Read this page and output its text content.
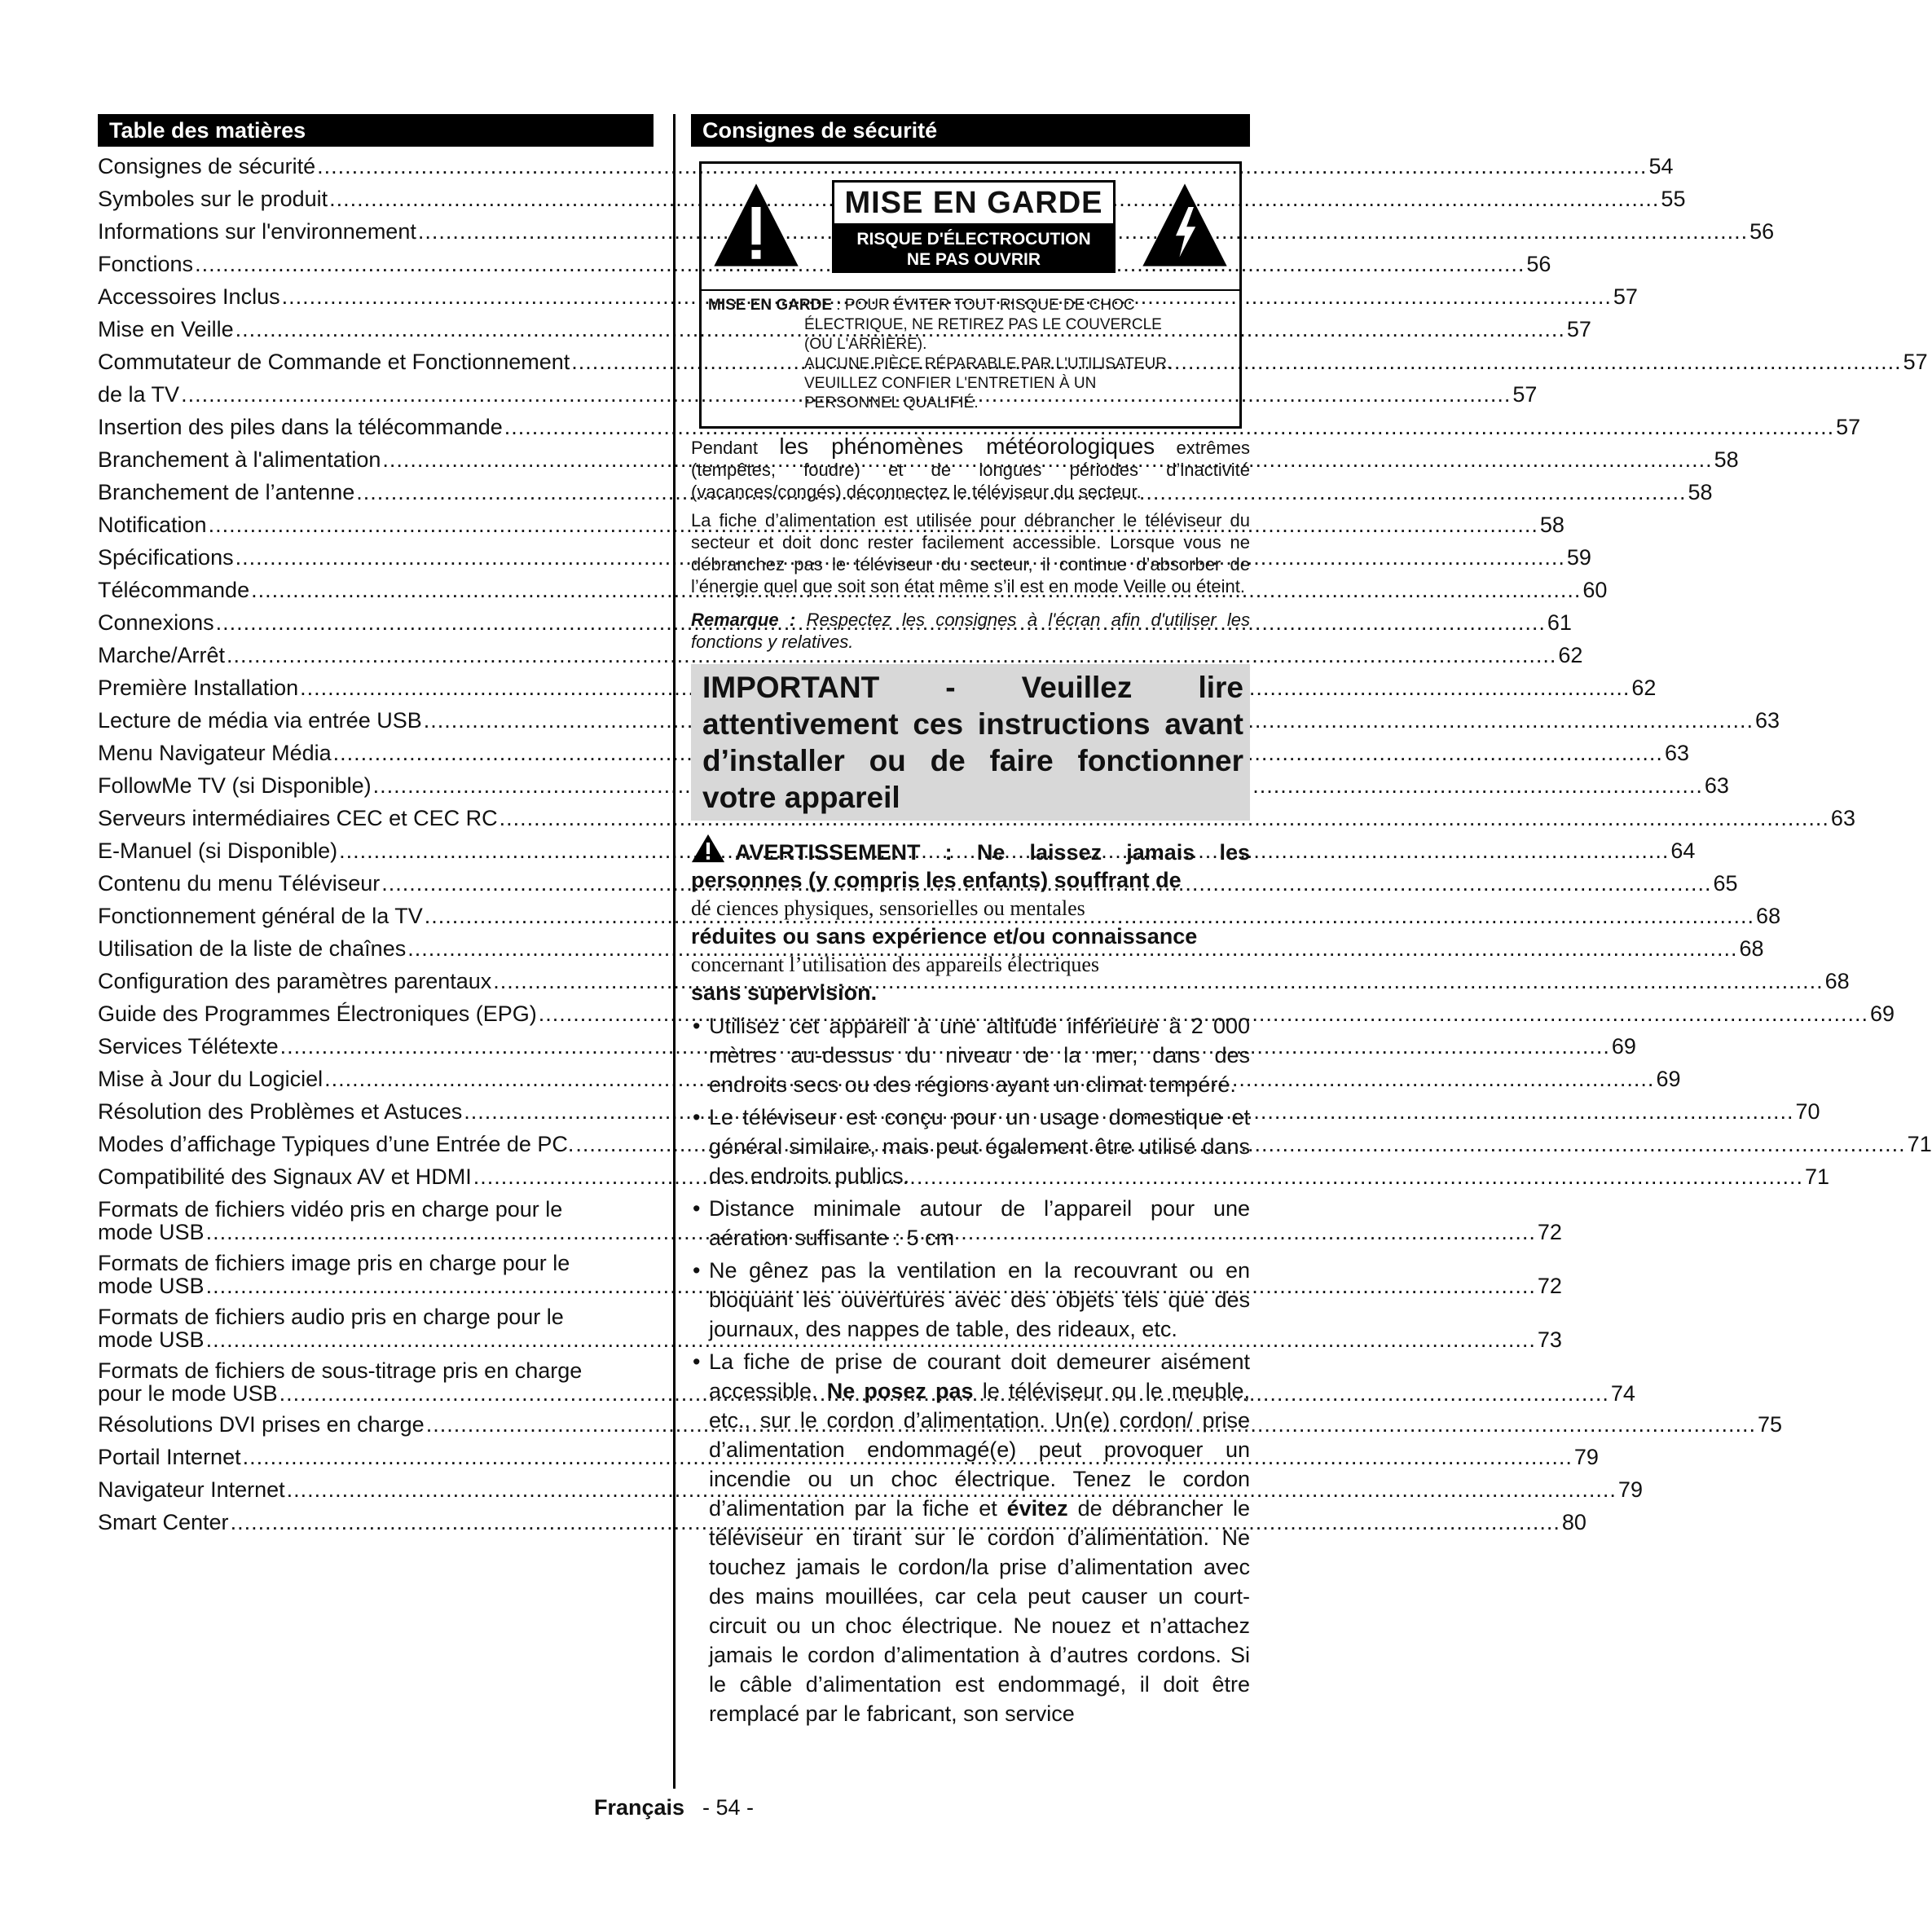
Table des matières
Consignes de sécurité .....	54
Symboles sur le produit .....	55
Informations sur l'environnement .....	56
Fonctions .....	56
Accessoires Inclus .....	57
Mise en Veille .....	57
Commutateur de Commande et Fonctionnement .....	57
de la TV .....	57
Insertion des piles dans la télécommande .....	57
Branchement à l'alimentation .....	58
Branchement de l’antenne .....	58
Notification .....	58
Spécifications .....	59
Télécommande .....	60
Connexions .....	61
Marche/Arrêt .....	62
Première Installation .....	62
Lecture de média via entrée USB .....	63
Menu Navigateur Média .....	63
FollowMe TV (si Disponible) .....	63
Serveurs intermédiaires CEC et CEC RC .....	63
E-Manuel (si Disponible) .....	64
Contenu du menu Téléviseur .....	65
Fonctionnement général de la TV .....	68
Utilisation de la liste de chaînes .....	68
Configuration des paramètres parentaux .....	68
Guide des Programmes Électroniques (EPG) .....	69
Services Télétexte .....	69
Mise à Jour du Logiciel .....	69
Résolution des Problèmes et Astuces .....	70
Modes d’affichage Typiques d’une Entrée de PC. .....	71
Compatibilité des Signaux AV et HDMI .....	71
Formats de fichiers vidéo pris en charge pour le
mode USB .....	72
Formats de fichiers image pris en charge pour le
mode USB .....	72
Formats de fichiers audio pris en charge pour le
mode USB .....	73
Formats de fichiers de sous-titrage pris en charge
pour le mode USB .....	74
Résolutions DVI prises en charge .....	75
Portail Internet .....	79
Navigateur Internet .....	79
Smart Center .....	80
Consignes de sécurité
MISE EN GARDE
RISQUE D'ÉLECTROCUTION
NE PAS OUVRIR
MISE EN GARDE : POUR ÉVITER TOUT RISQUE DE CHOC
ÉLECTRIQUE, NE RETIREZ PAS LE COUVERCLE
(OU L'ARRIÈRE).
AUCUNE PIÈCE RÉPARABLE PAR L'UTILISATEUR.
VEUILLEZ CONFIER L'ENTRETIEN À UN
PERSONNEL QUALIFIÉ.
Pendant les phénomènes météorologiques extrêmes (tempêtes, foudre) et de longues périodes d’inactivité (vacances/congés) déconnectez le téléviseur du secteur.
La fiche d’alimentation est utilisée pour débrancher le téléviseur du secteur et doit donc rester facilement accessible. Lorsque vous ne débranchez pas le téléviseur du secteur, il continue d’absorber de l’énergie quel que soit son état même s’il est en mode Veille ou éteint.
Remarque : Respectez les consignes à l'écran afin d'utiliser les fonctions y relatives.
IMPORTANT - Veuillez lire attentivement ces instructions avant d’installer ou de faire fonctionner votre appareil
AVERTISSEMENT : Ne laissez jamais les personnes (y compris les enfants) souffrant de
dé ciences physiques, sensorielles ou mentales
réduites ou sans expérience et/ou connaissance
concernant l’utilisation des appareils électriques
sans supervision.
• Utilisez cet appareil à une altitude inférieure à 2 000 mètres au-dessus du niveau de la mer, dans des endroits secs ou des régions ayant un climat tempéré.
• Le téléviseur est conçu pour un usage domestique et général similaire, mais peut également être utilisé dans des endroits publics.
• Distance minimale autour de l’appareil pour une aération suffisante : 5 cm
• Ne gênez pas la ventilation en la recouvrant ou en bloquant les ouvertures avec des objets tels que des journaux, des nappes de table, des rideaux, etc.
• La fiche de prise de courant doit demeurer aisément accessible. Ne posez pas le téléviseur ou le meuble, etc., sur le cordon d’alimentation. Un(e) cordon/ prise d’alimentation endommagé(e) peut provoquer un incendie ou un choc électrique. Tenez le cordon d’alimentation par la fiche et évitez de débrancher le téléviseur en tirant sur le cordon d’alimentation. Ne touchez jamais le cordon/la prise d’alimentation avec des mains mouillées, car cela peut causer un court-circuit ou un choc électrique. Ne nouez et n’attachez jamais le cordon d’alimentation à d’autres cordons. Si le câble d’alimentation est endommagé, il doit être remplacé par le fabricant, son service
Français - 54 -
